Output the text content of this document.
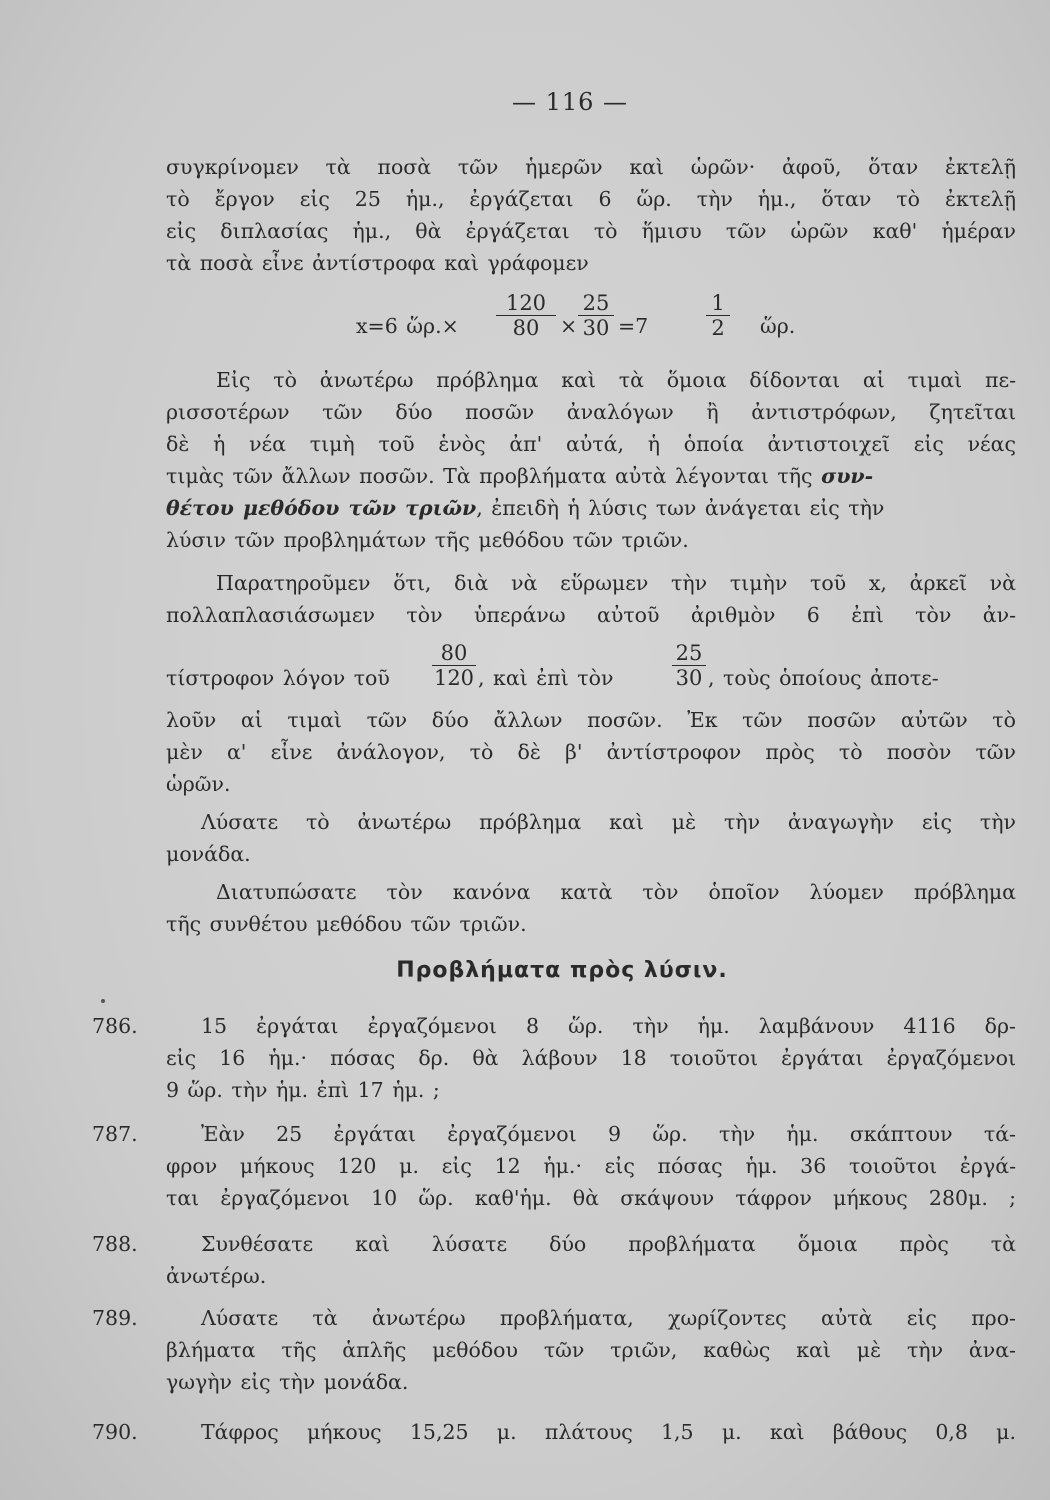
— 116 —
συγκρίνομεν τὰ ποσὰ τῶν ἡμερῶν καὶ ὡρῶν· ἀφοῦ, ὅταν ἐκτελῇ
τὸ ἔργον εἰς 25 ἡμ., ἐργάζεται 6 ὥρ. τὴν ἡμ., ὅταν τὸ ἐκτελῇ
εἰς διπλασίας ἡμ., θὰ ἐργάζεται τὸ ἥμισυ τῶν ὡρῶν καθ' ἡμέραν
τὰ ποσὰ εἶνε ἀντίστροφα καὶ γράφομεν
x=6 ὥρ.×
120
80	×
25
30 =7
1
2 ὥρ.
Εἰς τὸ ἀνωτέρω πρόβλημα καὶ τὰ ὅμοια δίδονται αἱ τιμαὶ πε-
ρισσοτέρων τῶν δύο ποσῶν ἀναλόγων ἢ ἀντιστρόφων, ζητεῖται
δὲ ἡ νέα τιμὴ τοῦ ἑνὸς ἀπ' αὐτά, ἡ ὁποία ἀντιστοιχεῖ εἰς νέας
τιμὰς τῶν ἄλλων ποσῶν. Τὰ προβλήματα αὐτὰ λέγονται τῆς συν-
θέτου μεθόδου τῶν τριῶν, ἐπειδὴ ἡ λύσις των ἀνάγεται εἰς τὴν
λύσιν τῶν προβλημάτων τῆς μεθόδου τῶν τριῶν.
Παρατηροῦμεν ὅτι, διὰ νὰ εὕρωμεν τὴν τιμὴν τοῦ x, ἀρκεῖ νὰ
πολλαπλασιάσωμεν τὸν ὑπεράνω αὐτοῦ ἀριθμὸν 6 ἐπὶ τὸν ἀν-
τίστροφον λόγον τοῦ
80
120 , καὶ ἐπὶ τὸν
25
30 , τοὺς ὁποίους ἀποτε-
λοῦν αἱ τιμαὶ τῶν δύο ἄλλων ποσῶν. Ἐκ τῶν ποσῶν αὐτῶν τὸ
μὲν α' εἶνε ἀνάλογον, τὸ δὲ β' ἀντίστροφον πρὸς τὸ ποσὸν τῶν
ὡρῶν.
Λύσατε τὸ ἀνωτέρω πρόβλημα καὶ μὲ τὴν ἀναγωγὴν εἰς τὴν
μονάδα.
Διατυπώσατε τὸν κανόνα κατὰ τὸν ὁποῖον λύομεν πρόβλημα
τῆς συνθέτου μεθόδου τῶν τριῶν.
Προβλήματα πρὸς λύσιν.
786.	15 ἐργάται ἐργαζόμενοι 8 ὥρ. τὴν ἡμ. λαμβάνουν 4116 δρ-
εἰς 16 ἡμ.· πόσας δρ. θὰ λάβουν 18 τοιοῦτοι ἐργάται ἐργαζόμενοι
9 ὥρ. τὴν ἡμ. ἐπὶ 17 ἡμ. ;
787.	Ἐὰν 25 ἐργάται ἐργαζόμενοι 9 ὥρ. τὴν ἡμ. σκάπτουν τά-
φρον μήκους 120 μ. εἰς 12 ἡμ.· εἰς πόσας ἡμ. 36 τοιοῦτοι ἐργά-
ται ἐργαζόμενοι 10 ὥρ. καθ'ἡμ. θὰ σκάψουν τάφρον μήκους 280μ. ;
788.	Συνθέσατε καὶ λύσατε δύο προβλήματα ὅμοια πρὸς τὰ
ἀνωτέρω.
789.	Λύσατε τὰ ἀνωτέρω προβλήματα, χωρίζοντες αὐτὰ εἰς προ-
βλήματα τῆς ἁπλῆς μεθόδου τῶν τριῶν, καθὼς καὶ μὲ τὴν ἀνα-
γωγὴν εἰς τὴν μονάδα.
790.	Τάφρος μήκους 15,25 μ. πλάτους 1,5 μ. καὶ βάθους 0,8 μ.
